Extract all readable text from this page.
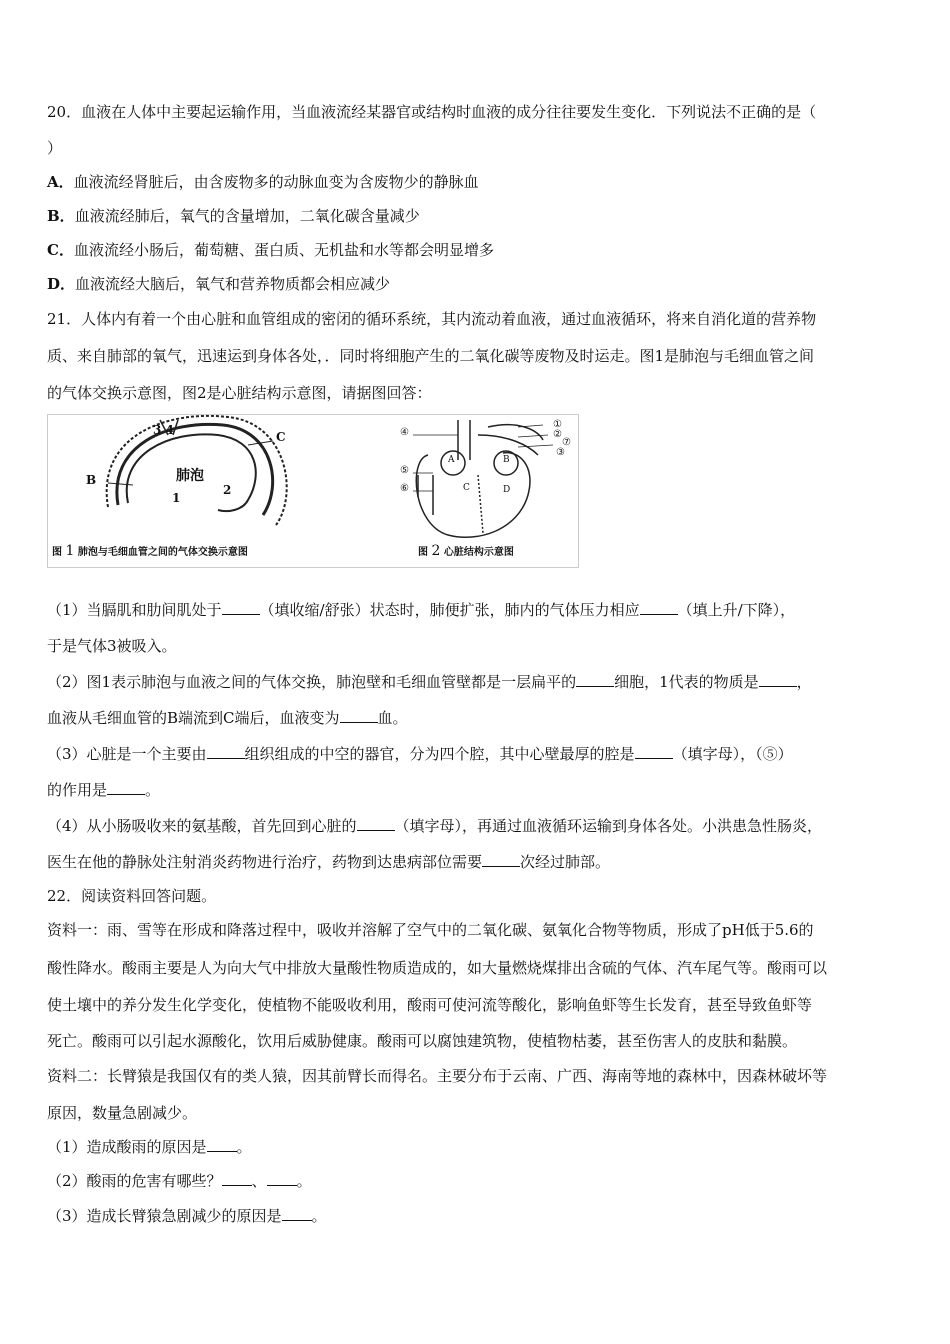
20．血液在人体中主要起运输作用，当血液流经某器官或结构时血液的成分往往要发生变化．下列说法不正确的是（
）
A．血液流经肾脏后，由含废物多的动脉血变为含废物少的静脉血
B．血液流经肺后，氧气的含量增加，二氧化碳含量减少
C．血液流经小肠后，葡萄糖、蛋白质、无机盐和水等都会明显增多
D．血液流经大脑后，氧气和营养物质都会相应减少
21．人体内有着一个由心脏和血管组成的密闭的循环系统，其内流动着血液，通过血液循环，将来自消化道的营养物
质、来自肺部的氧气，迅速运到身体各处，．同时将细胞产生的二氧化碳等废物及时运走。图1是肺泡与毛细血管之间
的气体交换示意图，图2是心脏结构示意图，请据图回答：
3 4
肺泡
B
C
1
2
图 1 肺泡与毛细血管之间的气体交换示意图
A	B
C	D
④
⑤
⑥
①
②
⑦
③
图 2 心脏结构示意图
（1）当膈肌和肋间肌处于	（填收缩/舒张）状态时，肺便扩张，肺内的气体压力相应	（填上升/下降），
于是气体3被吸入。
（2）图1表示肺泡与血液之间的气体交换，肺泡壁和毛细血管壁都是一层扁平的	细胞，1代表的物质是	，
血液从毛细血管的B端流到C端后，血液变为	血。
（3）心脏是一个主要由	组织组成的中空的器官，分为四个腔，其中心壁最厚的腔是	（填字母），（⑤）
的作用是	。
（4）从小肠吸收来的氨基酸，首先回到心脏的	（填字母），再通过血液循环运输到身体各处。小洪患急性肠炎，
医生在他的静脉处注射消炎药物进行治疗，药物到达患病部位需要	次经过肺部。
22．阅读资料回答问题。
资料一：雨、雪等在形成和降落过程中，吸收并溶解了空气中的二氧化碳、氨氧化合物等物质，形成了pH低于5.6的
酸性降水。酸雨主要是人为向大气中排放大量酸性物质造成的，如大量燃烧煤排出含硫的气体、汽车尾气等。酸雨可以
使土壤中的养分发生化学变化，使植物不能吸收利用，酸雨可使河流等酸化，影响鱼虾等生长发育，甚至导致鱼虾等
死亡。酸雨可以引起水源酸化，饮用后威胁健康。酸雨可以腐蚀建筑物，使植物枯萎，甚至伤害人的皮肤和黏膜。
资料二：长臂猿是我国仅有的类人猿，因其前臂长而得名。主要分布于云南、广西、海南等地的森林中，因森林破坏等
原因，数量急剧减少。
（1）造成酸雨的原因是 。
（2）酸雨的危害有哪些？ 、 。
（3）造成长臂猿急剧减少的原因是 。
